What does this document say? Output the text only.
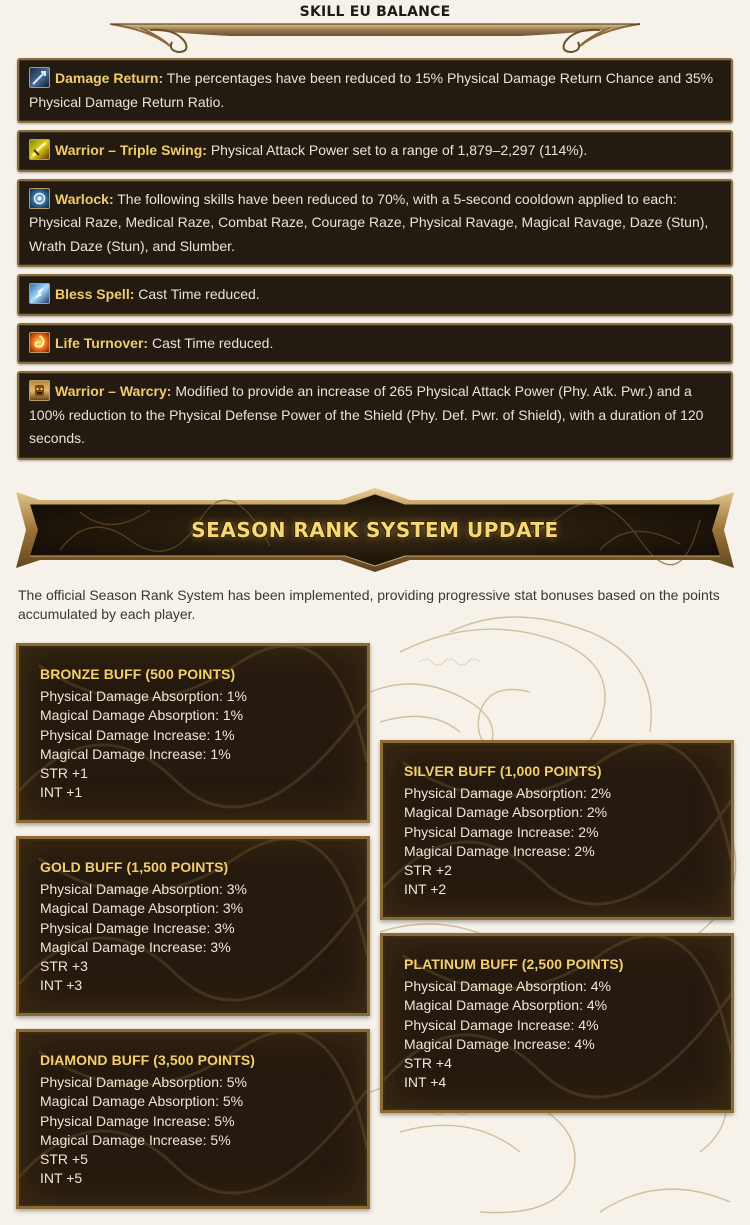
SKILL EU BALANCE
Damage Return: The percentages have been reduced to 15% Physical Damage Return Chance and 35% Physical Damage Return Ratio.
Warrior – Triple Swing: Physical Attack Power set to a range of 1,879–2,297 (114%).
Warlock: The following skills have been reduced to 70%, with a 5-second cooldown applied to each: Physical Raze, Medical Raze, Combat Raze, Courage Raze, Physical Ravage, Magical Ravage, Daze (Stun), Wrath Daze (Stun), and Slumber.
Bless Spell: Cast Time reduced.
Life Turnover: Cast Time reduced.
Warrior – Warcry: Modified to provide an increase of 265 Physical Attack Power (Phy. Atk. Pwr.) and a 100% reduction to the Physical Defense Power of the Shield (Phy. Def. Pwr. of Shield), with a duration of 120 seconds.
SEASON RANK SYSTEM UPDATE

The official Season Rank System has been implemented, providing progressive stat bonuses based on the points accumulated by each player.

BRONZE BUFF (500 POINTS)
Physical Damage Absorption: 1%
Magical Damage Absorption: 1%
Physical Damage Increase: 1%
Magical Damage Increase: 1%
STR +1
INT +1
SILVER BUFF (1,000 POINTS)
Physical Damage Absorption: 2%
Magical Damage Absorption: 2%
Physical Damage Increase: 2%
Magical Damage Increase: 2%
STR +2
INT +2
GOLD BUFF (1,500 POINTS)
Physical Damage Absorption: 3%
Magical Damage Absorption: 3%
Physical Damage Increase: 3%
Magical Damage Increase: 3%
STR +3
INT +3
PLATINUM BUFF (2,500 POINTS)
Physical Damage Absorption: 4%
Magical Damage Absorption: 4%
Physical Damage Increase: 4%
Magical Damage Increase: 4%
STR +4
INT +4
DIAMOND BUFF (3,500 POINTS)
Physical Damage Absorption: 5%
Magical Damage Absorption: 5%
Physical Damage Increase: 5%
Magical Damage Increase: 5%
STR +5
INT +5
